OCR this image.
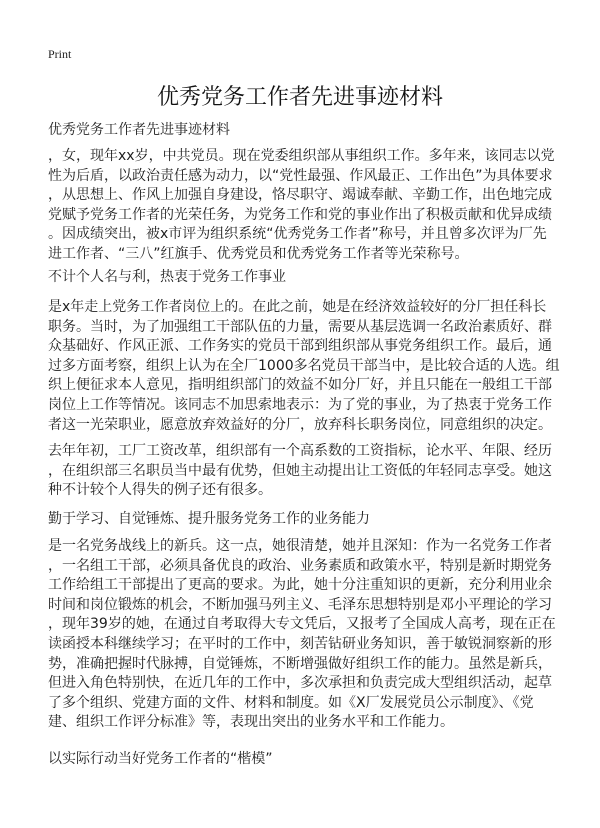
Print
优秀党务工作者先进事迹材料
优秀党务工作者先进事迹材料
，女，现年xx岁，中共党员。现在党委组织部从事组织工作。多年来，该同志以党
性为后盾，以政治责任感为动力，以“党性最强、作风最正、工作出色”为具体要求
，从思想上、作风上加强自身建设，恪尽职守、竭诚奉献、辛勤工作，出色地完成
党赋予党务工作者的光荣任务，为党务工作和党的事业作出了积极贡献和优异成绩
。因成绩突出，被x市评为组织系统“优秀党务工作者”称号，并且曾多次评为厂先
进工作者、“三八”红旗手、优秀党员和优秀党务工作者等光荣称号。
不计个人名与利，热衷于党务工作事业
是x年走上党务工作者岗位上的。在此之前，她是在经济效益较好的分厂担任科长
职务。当时，为了加强组工干部队伍的力量，需要从基层选调一名政治素质好、群
众基础好、作风正派、工作务实的党员干部到组织部从事党务组织工作。最后，通
过多方面考察，组织上认为在全厂1000多名党员干部当中，是比较合适的人选。组
织上便征求本人意见，指明组织部门的效益不如分厂好，并且只能在一般组工干部
岗位上工作等情况。该同志不加思索地表示：为了党的事业，为了热衷于党务工作
者这一光荣职业，愿意放弃效益好的分厂，放弃科长职务岗位，同意组织的决定。
去年年初，工厂工资改革，组织部有一个高系数的工资指标，论水平、年限、经历
，在组织部三名职员当中最有优势，但她主动提出让工资低的年轻同志享受。她这
种不计较个人得失的例子还有很多。
勤于学习、自觉锤炼、提升服务党务工作的业务能力
是一名党务战线上的新兵。这一点，她很清楚，她并且深知：作为一名党务工作者
，一名组工干部，必须具备优良的政治、业务素质和政策水平，特别是新时期党务
工作给组工干部提出了更高的要求。为此，她十分注重知识的更新，充分利用业余
时间和岗位锻炼的机会，不断加强马列主义、毛泽东思想特别是邓小平理论的学习
，现年39岁的她，在通过自考取得大专文凭后，又报考了全国成人高考，现在正在
读函授本科继续学习；在平时的工作中，刻苦钻研业务知识，善于敏锐洞察新的形
势，准确把握时代脉搏，自觉锤炼，不断增强做好组织工作的能力。虽然是新兵，
但进入角色特别快，在近几年的工作中，多次承担和负责完成大型组织活动，起草
了多个组织、党建方面的文件、材料和制度。如《X厂发展党员公示制度》、《党
建、组织工作评分标准》等，表现出突出的业务水平和工作能力。
以实际行动当好党务工作者的“楷模”
